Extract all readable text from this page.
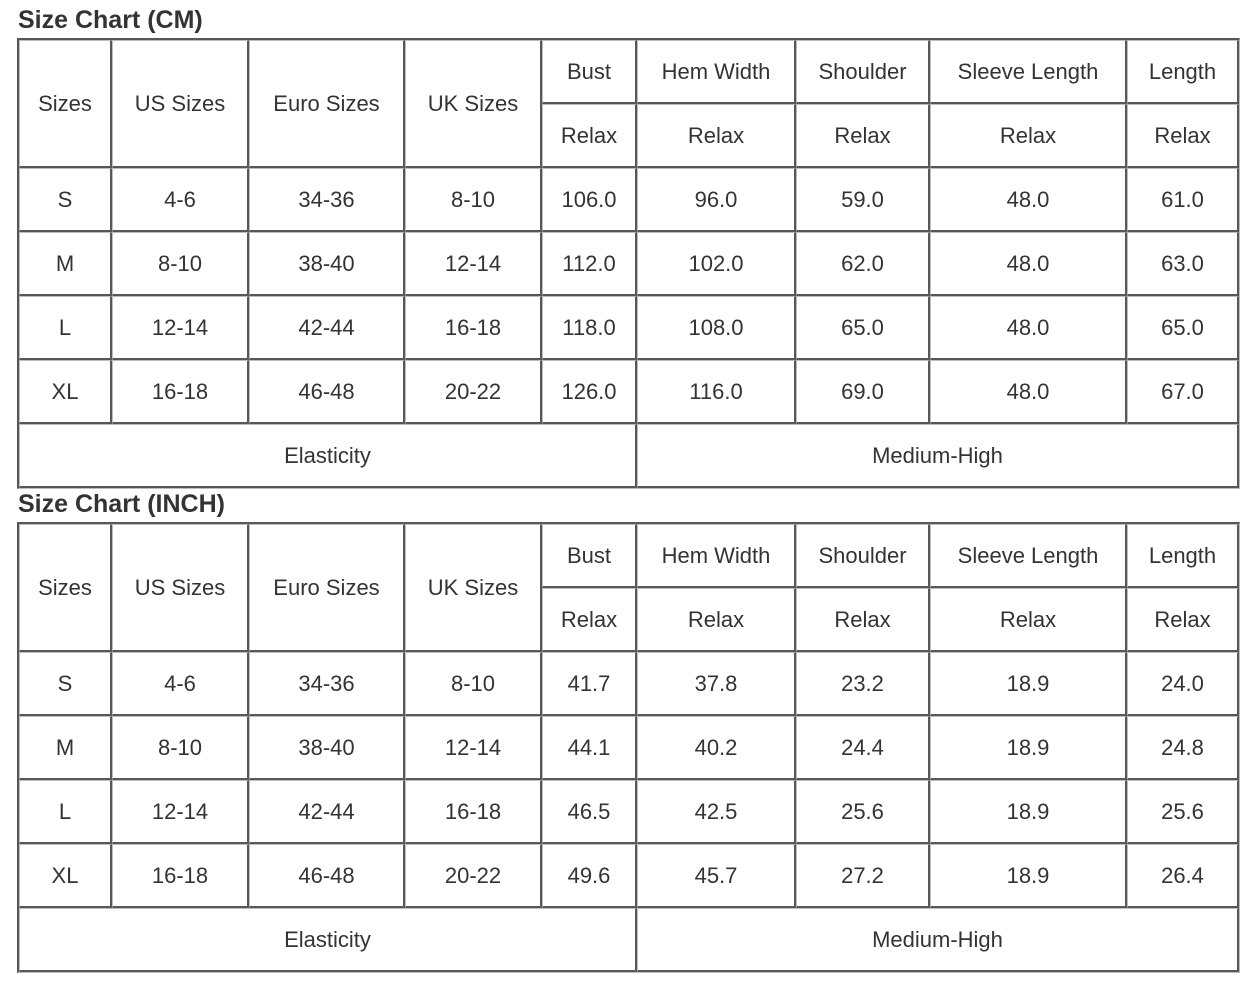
Size Chart (CM)
Sizes	US Sizes	Euro Sizes	UK Sizes	Bust	Hem Width	Shoulder	Sleeve Length	Length
				Relax	Relax	Relax	Relax	Relax
S	4-6	34-36	8-10	106.0	96.0	59.0	48.0	61.0
M	8-10	38-40	12-14	112.0	102.0	62.0	48.0	63.0
L	12-14	42-44	16-18	118.0	108.0	65.0	48.0	65.0
XL	16-18	46-48	20-22	126.0	116.0	69.0	48.0	67.0
Elasticity					Medium-High			
Size Chart (INCH)
Sizes	US Sizes	Euro Sizes	UK Sizes	Bust	Hem Width	Shoulder	Sleeve Length	Length
				Relax	Relax	Relax	Relax	Relax
S	4-6	34-36	8-10	41.7	37.8	23.2	18.9	24.0
M	8-10	38-40	12-14	44.1	40.2	24.4	18.9	24.8
L	12-14	42-44	16-18	46.5	42.5	25.6	18.9	25.6
XL	16-18	46-48	20-22	49.6	45.7	27.2	18.9	26.4
Elasticity					Medium-High			
